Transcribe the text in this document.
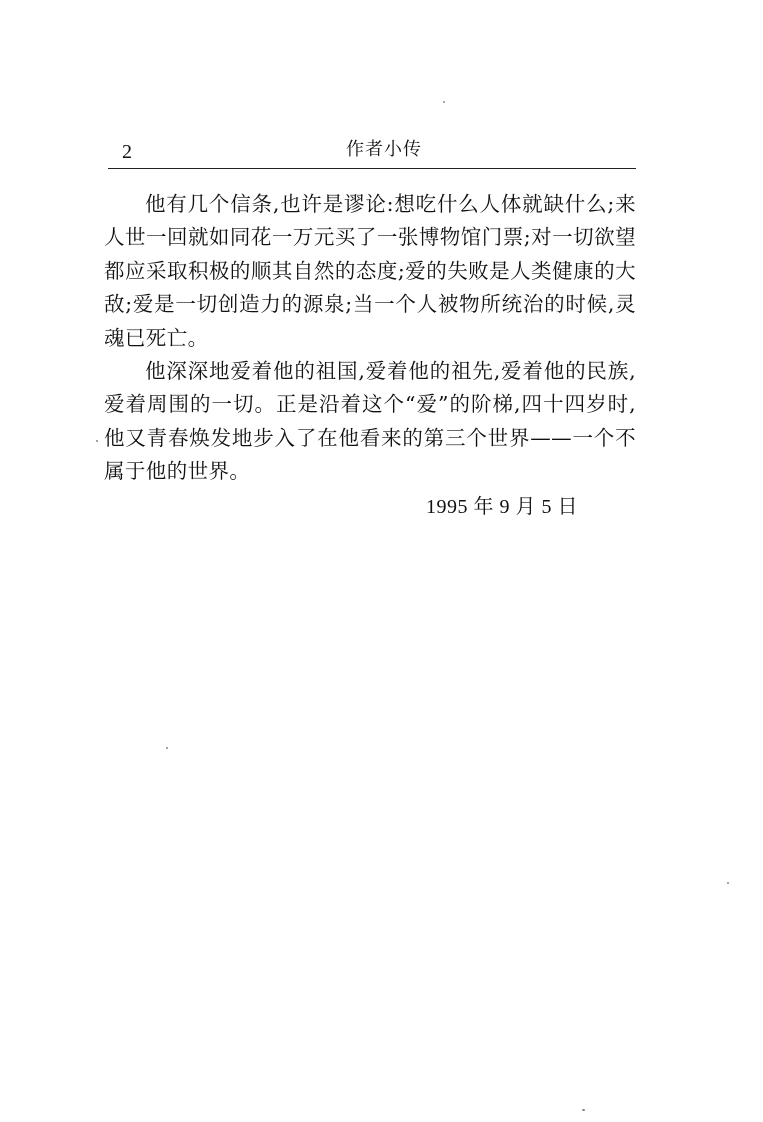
2	作者小传

他有几个信条,也许是谬论:想吃什么人体就缺什么;来人世一回就如同花一万元买了一张博物馆门票;对一切欲望都应采取积极的顺其自然的态度;爱的失败是人类健康的大敌;爱是一切创造力的源泉;当一个人被物所统治的时候,灵魂已死亡。

他深深地爱着他的祖国,爱着他的祖先,爱着他的民族,爱着周围的一切。正是沿着这个“爱”的阶梯,四十四岁时,他又青春焕发地步入了在他看来的第三个世界——一个不属于他的世界。

1995 年 9 月 5 日
